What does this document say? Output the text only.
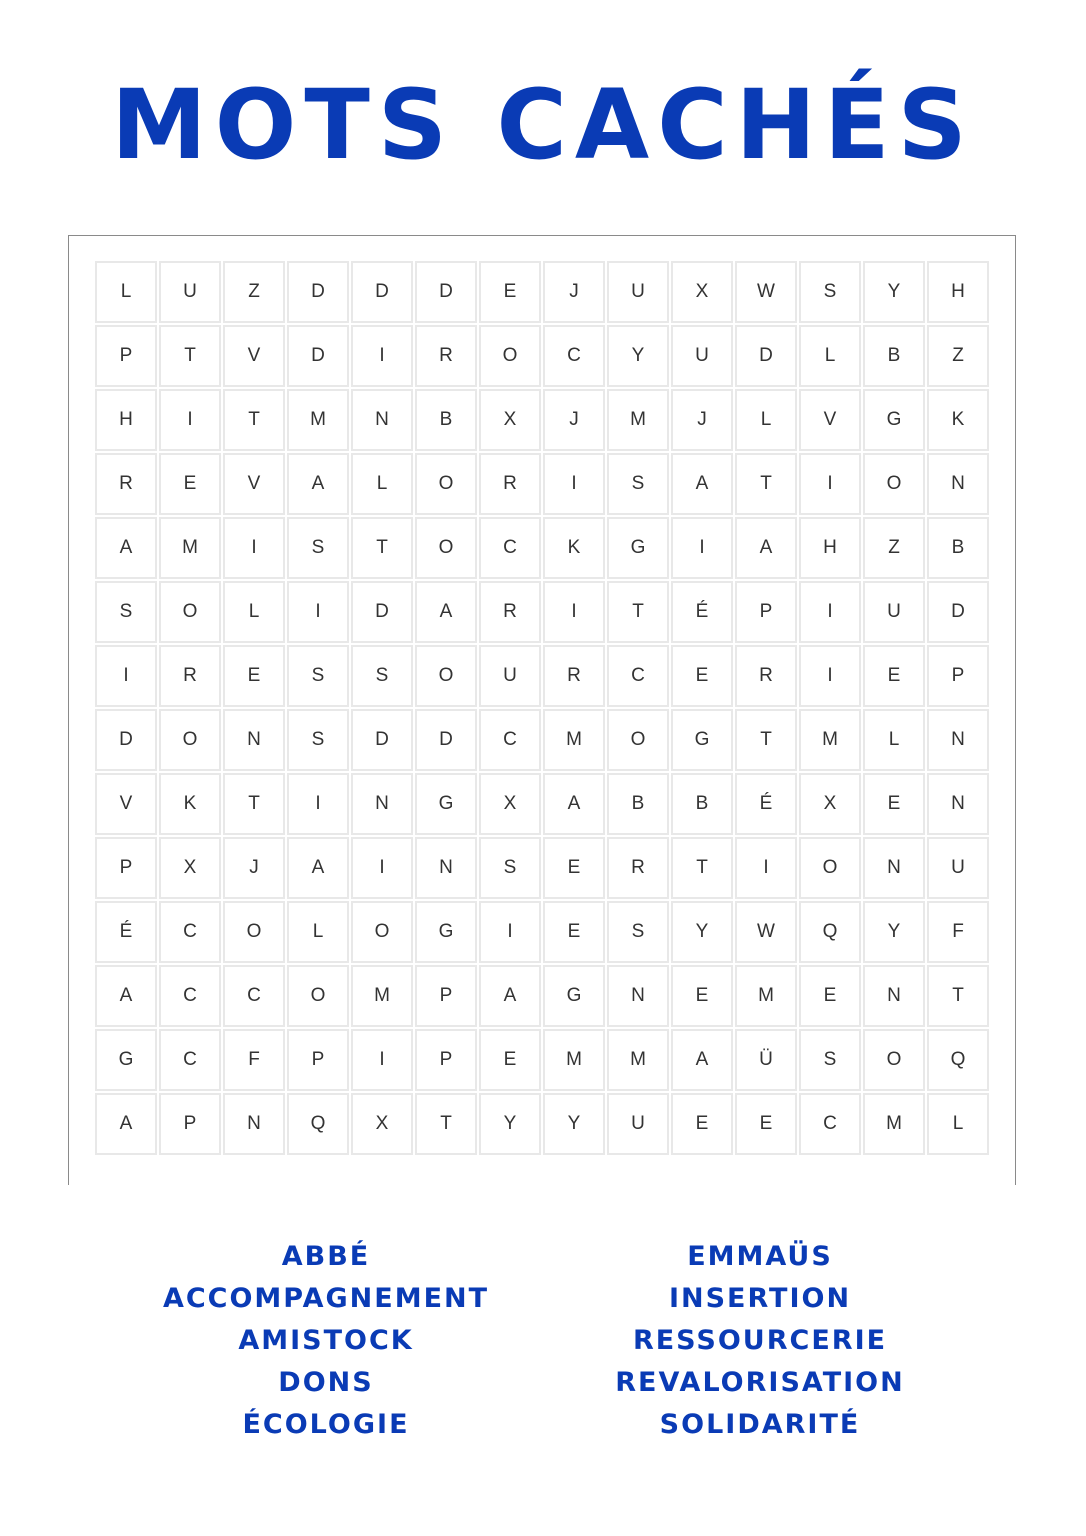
MOTS CACHÉS
L	U	Z	D	D	D	E	J	U	X	W	S	Y	H
P	T	V	D	I	R	O	C	Y	U	D	L	B	Z
H	I	T	M	N	B	X	J	M	J	L	V	G	K
R	E	V	A	L	O	R	I	S	A	T	I	O	N
A	M	I	S	T	O	C	K	G	I	A	H	Z	B
S	O	L	I	D	A	R	I	T	É	P	I	U	D
I	R	E	S	S	O	U	R	C	E	R	I	E	P
D	O	N	S	D	D	C	M	O	G	T	M	L	N
V	K	T	I	N	G	X	A	B	B	É	X	E	N
P	X	J	A	I	N	S	E	R	T	I	O	N	U
É	C	O	L	O	G	I	E	S	Y	W	Q	Y	F
A	C	C	O	M	P	A	G	N	E	M	E	N	T
G	C	F	P	I	P	E	M	M	A	Ü	S	O	Q
A	P	N	Q	X	T	Y	Y	U	E	E	C	M	L
ABBÉ
ACCOMPAGNEMENT
AMISTOCK
DONS
ÉCOLOGIE
EMMAÜS
INSERTION
RESSOURCERIE
REVALORISATION
SOLIDARITÉ
